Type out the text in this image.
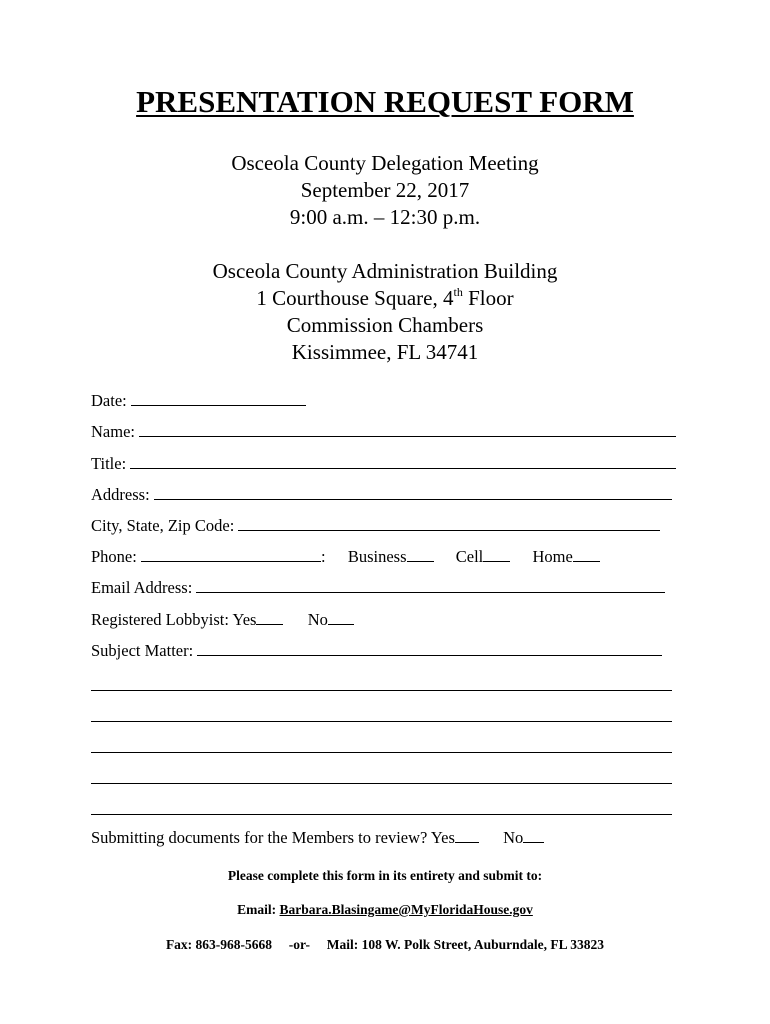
PRESENTATION REQUEST FORM
Osceola County Delegation Meeting
September 22, 2017
9:00 a.m. – 12:30 p.m.
Osceola County Administration Building
1 Courthouse Square, 4th Floor
Commission Chambers
Kissimmee, FL 34741
Date:
Name:
Title:
Address:
City, State, Zip Code:
Phone:	: Business	Cell	Home
Email Address:
Registered Lobbyist: Yes	No
Subject Matter:
Submitting documents for the Members to review? Yes	No
Please complete this form in its entirety and submit to:
Email: Barbara.Blasingame@MyFloridaHouse.gov
Fax: 863-968-5668 -or- Mail: 108 W. Polk Street, Auburndale, FL 33823
